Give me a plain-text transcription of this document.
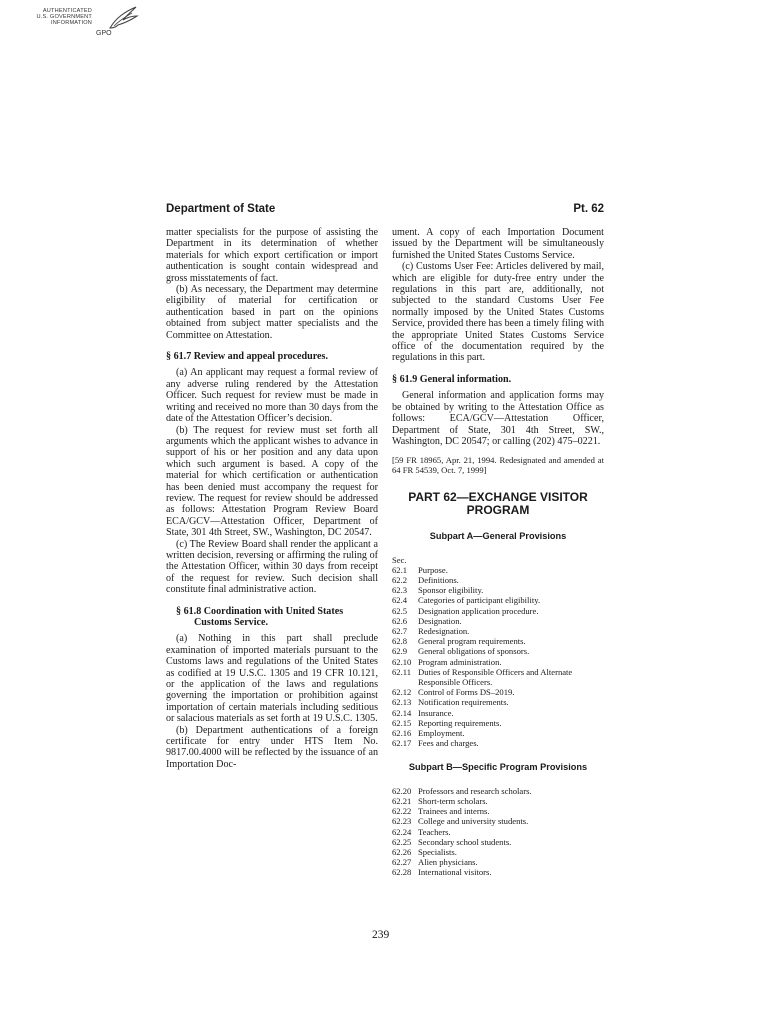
AUTHENTICATED
U.S. GOVERNMENT
INFORMATION
GPO
Department of State	Pt. 62

matter specialists for the purpose of assisting the Department in its determination of whether materials for which export certification or import authentication is sought contain widespread and gross misstatements of fact.

(b) As necessary, the Department may determine eligibility of material for certification or authentication based in part on the opinions obtained from subject matter specialists and the Committee on Attestation.

§ 61.7 Review and appeal procedures.

(a) An applicant may request a formal review of any adverse ruling rendered by the Attestation Officer. Such request for review must be made in writing and received no more than 30 days from the date of the Attestation Officer’s decision.

(b) The request for review must set forth all arguments which the applicant wishes to advance in support of his or her position and any data upon which such argument is based. A copy of the material for which certification or authentication has been denied must accompany the request for review. The request for review should be addressed as follows: Attestation Program Review Board ECA/GCV—Attestation Officer, Department of State, 301 4th Street, SW., Washington, DC 20547.

(c) The Review Board shall render the applicant a written decision, reversing or affirming the ruling of the Attestation Officer, within 30 days from receipt of the request for review. Such decision shall constitute final administrative action.

§ 61.8 Coordination with United States Customs Service.

(a) Nothing in this part shall preclude examination of imported materials pursuant to the Customs laws and regulations of the United States as codified at 19 U.S.C. 1305 and 19 CFR 10.121, or the application of the laws and regulations governing the importation or prohibition against importation of certain materials including seditious or salacious materials as set forth at 19 U.S.C. 1305.

(b) Department authentications of a foreign certificate for entry under HTS Item No. 9817.00.4000 will be reflected by the issuance of an Importation Doc-

ument. A copy of each Importation Document issued by the Department will be simultaneously furnished the United States Customs Service.

(c) Customs User Fee: Articles delivered by mail, which are eligible for duty-free entry under the regulations in this part are, additionally, not subjected to the standard Customs User Fee normally imposed by the United States Customs Service, provided there has been a timely filing with the appropriate United States Customs Service office of the documentation required by the regulations in this part.

§ 61.9 General information.

General information and application forms may be obtained by writing to the Attestation Office as follows: ECA/GCV—Attestation Officer, Department of State, 301 4th Street, SW., Washington, DC 20547; or calling (202) 475–0221.

[59 FR 18965, Apr. 21, 1994. Redesignated and amended at 64 FR 54539, Oct. 7, 1999]
PART 62—EXCHANGE VISITOR
PROGRAM
Subpart A—General Provisions
Sec.
62.1 Purpose.
62.2 Definitions.
62.3 Sponsor eligibility.
62.4 Categories of participant eligibility.
62.5 Designation application procedure.
62.6 Designation.
62.7 Redesignation.
62.8 General program requirements.
62.9 General obligations of sponsors.
62.10 Program administration.
62.11 Duties of Responsible Officers and Alternate Responsible Officers.
62.12 Control of Forms DS–2019.
62.13 Notification requirements.
62.14 Insurance.
62.15 Reporting requirements.
62.16 Employment.
62.17 Fees and charges.
Subpart B—Specific Program Provisions
62.20 Professors and research scholars.
62.21 Short-term scholars.
62.22 Trainees and interns.
62.23 College and university students.
62.24 Teachers.
62.25 Secondary school students.
62.26 Specialists.
62.27 Alien physicians.
62.28 International visitors.
239
